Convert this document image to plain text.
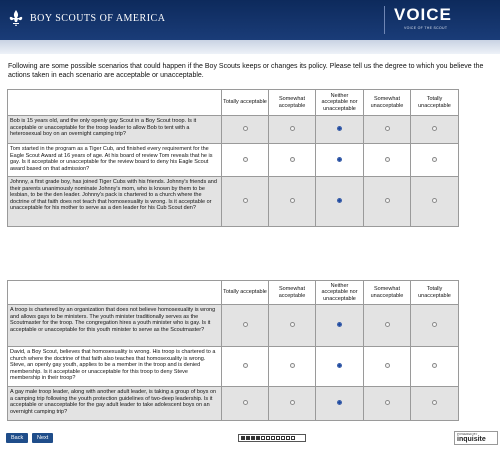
BOY SCOUTS OF AMERICA	VOICE
VOICE OF THE SCOUT
Following are some possible scenarios that could happen if the Boy Scouts keeps or changes its policy. Please tell us the degree to which you believe the actions taken in each scenario are acceptable or unacceptable.
	Totally acceptable	Somewhat acceptable	Neither acceptable nor unacceptable	Somewhat unacceptable	Totally unacceptable
Bob is 15 years old, and the only openly gay Scout in a Boy Scout troop. Is it acceptable or unacceptable for the troop leader to allow Bob to tent with a heterosexual boy on an overnight camping trip?					
Tom started in the program as a Tiger Cub, and finished every requirement for the Eagle Scout Award at 16 years of age. At his board of review Tom reveals that he is gay. Is it acceptable or unacceptable for the review board to deny his Eagle Scout award based on that admission?					
Johnny, a first grade boy, has joined Tiger Cubs with his friends. Johnny's friends and their parents unanimously nominate Johnny's mom, who is known by them to be lesbian, to be the den leader. Johnny's pack is chartered to a church where the doctrine of that faith does not teach that homosexuality is wrong. Is it acceptable or unacceptable for his mother to serve as a den leader for his Cub Scout den?					
	Totally acceptable	Somewhat acceptable	Neither acceptable nor unacceptable	Somewhat unacceptable	Totally unacceptable
A troop is chartered by an organization that does not believe homosexuality is wrong and allows gays to be ministers. The youth minister traditionally serves as the Scoutmaster for the troop. The congregation hires a youth minister who is gay. Is it acceptable or unacceptable for this youth minister to serve as the Scoutmaster?					
David, a Boy Scout, believes that homosexuality is wrong. His troop is chartered to a church where the doctrine of that faith also teaches that homosexuality is wrong. Steve, an openly gay youth, applies to be a member in the troop and is denied membership. Is it acceptable or unacceptable for this troop to deny Steve membership in their troop?					
A gay male troop leader, along with another adult leader, is taking a group of boys on a camping trip following the youth protection guidelines of two-deep leadership. Is it acceptable or unacceptable for the gay adult leader to take adolescent boys on an overnight camping trip?					
Back	Next
POWERED BY
inquisite
